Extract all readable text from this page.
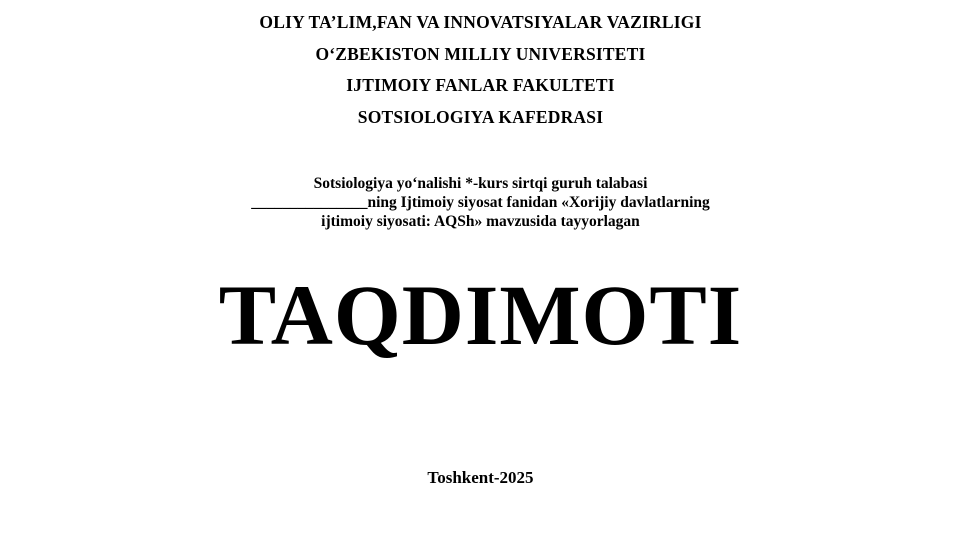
OLIY TA’LIM,FAN VA INNOVATSIYALAR VAZIRLIGI

O‘ZBEKISTON MILLIY UNIVERSITETI

IJTIMOIY FANLAR FAKULTETI

SOTSIOLOGIYA KAFEDRASI

Sotsiologiya yo‘nalishi *-kurs sirtqi guruh talabasi

_______________ning Ijtimoiy siyosat fanidan «Xorijiy davlatlarning

ijtimoiy siyosati: AQSh» mavzusida tayyorlagan

TAQDIMOTI

Toshkent-2025
